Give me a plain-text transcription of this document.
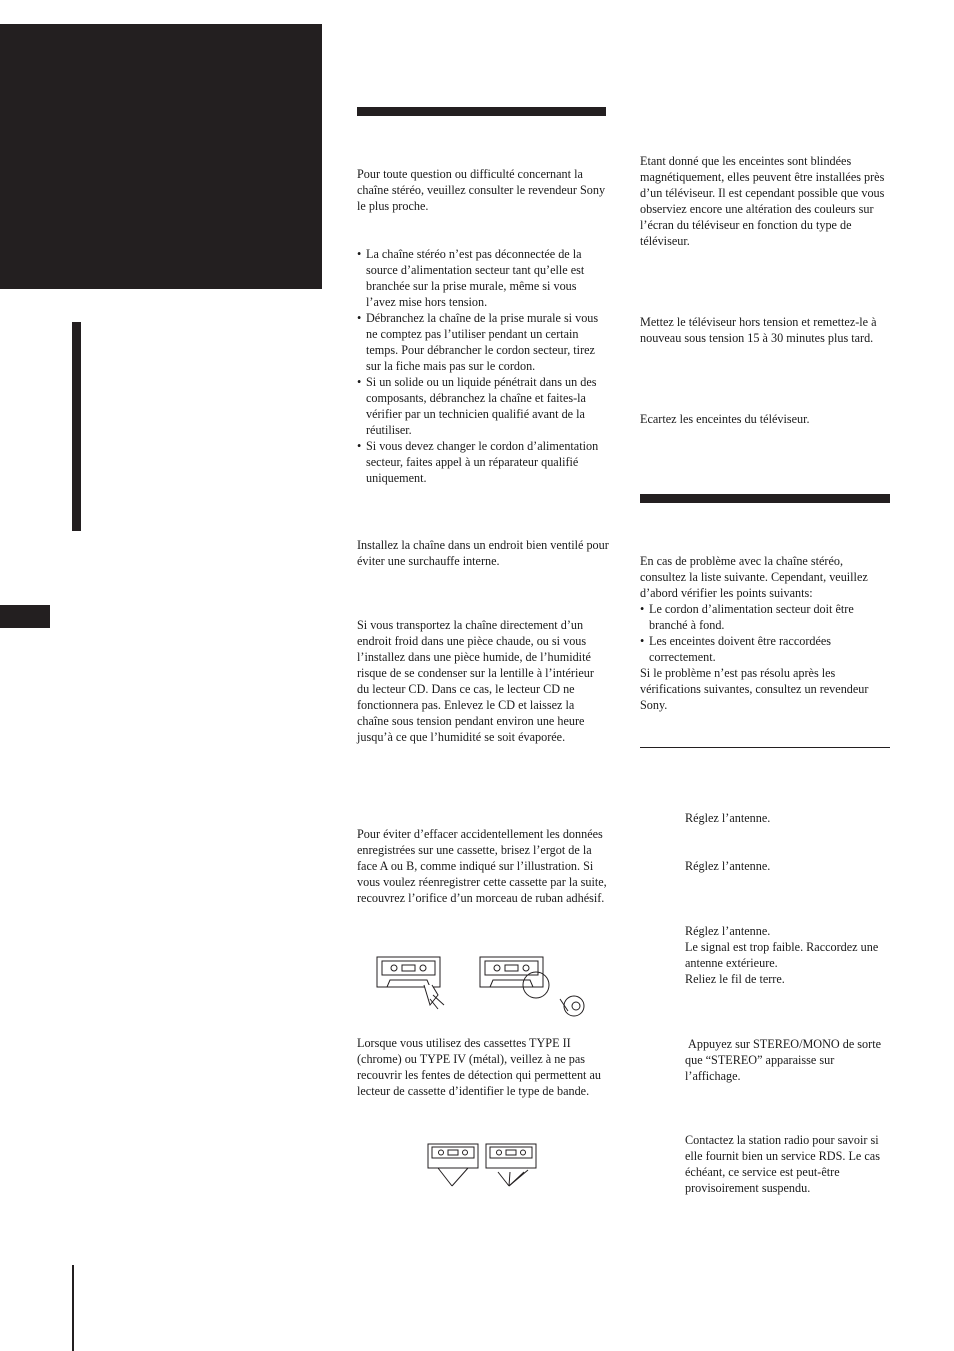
Pour toute question ou difficulté concernant la chaîne stéréo, veuillez consulter le revendeur Sony le plus proche.
• La chaîne stéréo n’est pas déconnectée de la source d’alimentation secteur tant qu’elle est branchée sur la prise murale, même si vous l’avez mise hors tension.
• Débranchez la chaîne de la prise murale si vous ne comptez pas l’utiliser pendant un certain temps. Pour débrancher le cordon secteur, tirez sur la fiche mais pas sur le cordon.
• Si un solide ou un liquide pénétrait dans un des composants, débranchez la chaîne et faites-la vérifier par un technicien qualifié avant de la réutiliser.
• Si vous devez changer le cordon d’alimentation secteur, faites appel à un réparateur qualifié uniquement.
Installez la chaîne dans un endroit bien ventilé pour éviter une surchauffe interne.
Si vous transportez la chaîne directement d’un endroit froid dans une pièce chaude, ou si vous l’installez dans une pièce humide, de l’humidité risque de se condenser sur la lentille à l’intérieur du lecteur CD. Dans ce cas, le lecteur CD ne fonctionnera pas. Enlevez le CD et laissez la chaîne sous tension pendant environ une heure jusqu’à ce que l’humidité se soit évaporée.
Pour éviter d’effacer accidentellement les données enregistrées sur une cassette, brisez l’ergot de la face A ou B, comme indiqué sur l’illustration. Si vous voulez réenregistrer cette cassette par la suite, recouvrez l’orifice d’un morceau de ruban adhésif.
Lorsque vous utilisez des cassettes TYPE II (chrome) ou TYPE IV (métal), veillez à ne pas recouvrir les fentes de détection qui permettent au lecteur de cassette d’identifier le type de bande.
Etant donné que les enceintes sont blindées magnétiquement, elles peuvent être installées près d’un téléviseur. Il est cependant possible que vous observiez encore une altération des couleurs sur l’écran du téléviseur en fonction du type de téléviseur.
Mettez le téléviseur hors tension et remettez-le à nouveau sous tension 15 à 30 minutes plus tard.
Ecartez les enceintes du téléviseur.
En cas de problème avec la chaîne stéréo, consultez la liste suivante. Cependant, veuillez d’abord vérifier les points suivants:
• Le cordon d’alimentation secteur doit être branché à fond.
• Les enceintes doivent être raccordées correctement.
Si le problème n’est pas résolu après les vérifications suivantes, consultez un revendeur Sony.
Réglez l’antenne.
Réglez l’antenne.

Réglez l’antenne.

Le signal est trop faible. Raccordez une antenne extérieure.

Reliez le fil de terre.

Appuyez sur STEREO/MONO de sorte que “STEREO” apparaisse sur l’affichage.
Contactez la station radio pour savoir si elle fournit bien un service RDS. Le cas échéant, ce service est peut-être provisoirement suspendu.
